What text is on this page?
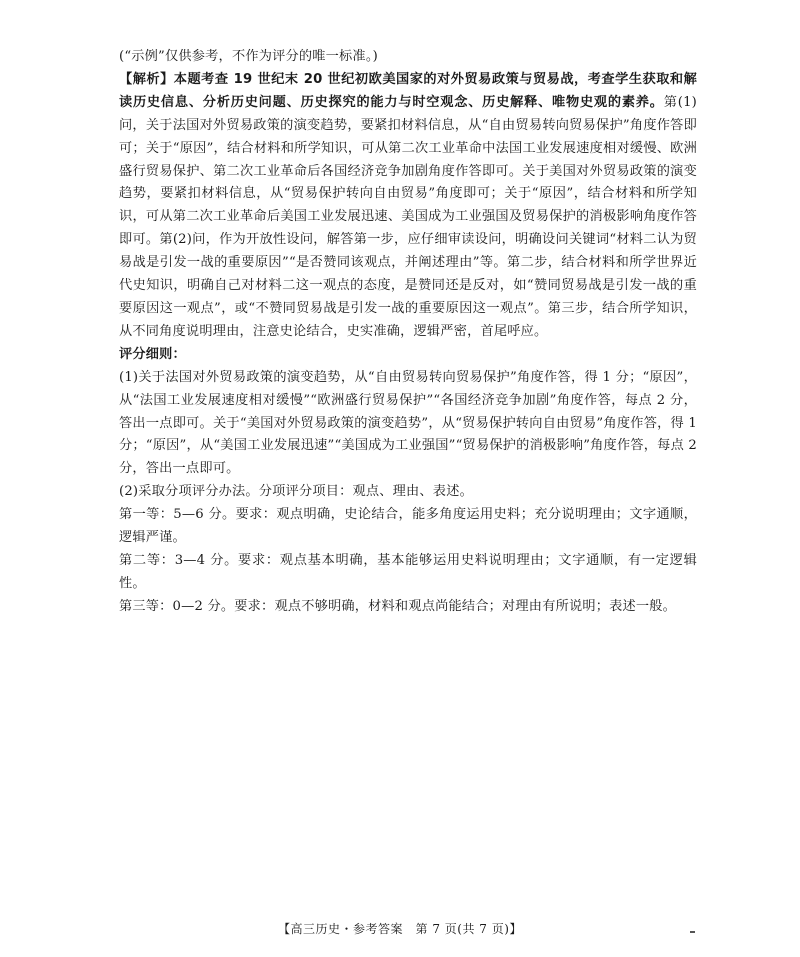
(“示例”仅供参考，不作为评分的唯一标准。)

【解析】本题考查 19 世纪末 20 世纪初欧美国家的对外贸易政策与贸易战，考查学生获取和解读历史信息、分析历史问题、历史探究的能力与时空观念、历史解释、唯物史观的素养。第(1)问，关于法国对外贸易政策的演变趋势，要紧扣材料信息，从“自由贸易转向贸易保护”角度作答即可；关于“原因”，结合材料和所学知识，可从第二次工业革命中法国工业发展速度相对缓慢、欧洲盛行贸易保护、第二次工业革命后各国经济竞争加剧角度作答即可。关于美国对外贸易政策的演变趋势，要紧扣材料信息，从“贸易保护转向自由贸易”角度即可；关于“原因”，结合材料和所学知识，可从第二次工业革命后美国工业发展迅速、美国成为工业强国及贸易保护的消极影响角度作答即可。第(2)问，作为开放性设问，解答第一步，应仔细审读设问，明确设问关键词“材料二认为贸易战是引发一战的重要原因”“是否赞同该观点，并阐述理由”等。第二步，结合材料和所学世界近代史知识，明确自己对材料二这一观点的态度，是赞同还是反对，如“赞同贸易战是引发一战的重要原因这一观点”，或“不赞同贸易战是引发一战的重要原因这一观点”。第三步，结合所学知识，从不同角度说明理由，注意史论结合，史实准确，逻辑严密，首尾呼应。

评分细则：

(1)关于法国对外贸易政策的演变趋势，从“自由贸易转向贸易保护”角度作答，得 1 分；“原因”，从“法国工业发展速度相对缓慢”“欧洲盛行贸易保护”“各国经济竞争加剧”角度作答，每点 2 分，答出一点即可。关于“美国对外贸易政策的演变趋势”，从“贸易保护转向自由贸易”角度作答，得 1 分；“原因”，从“美国工业发展迅速”“美国成为工业强国”“贸易保护的消极影响”角度作答，每点 2 分，答出一点即可。

(2)采取分项评分办法。分项评分项目：观点、理由、表述。

第一等：5—6 分。要求：观点明确，史论结合，能多角度运用史料；充分说明理由；文字通顺，逻辑严谨。

第二等：3—4 分。要求：观点基本明确，基本能够运用史料说明理由；文字通顺，有一定逻辑性。

第三等：0—2 分。要求：观点不够明确，材料和观点尚能结合；对理由有所说明；表述一般。

【高三历史・参考答案　第 7 页(共 7 页)】
